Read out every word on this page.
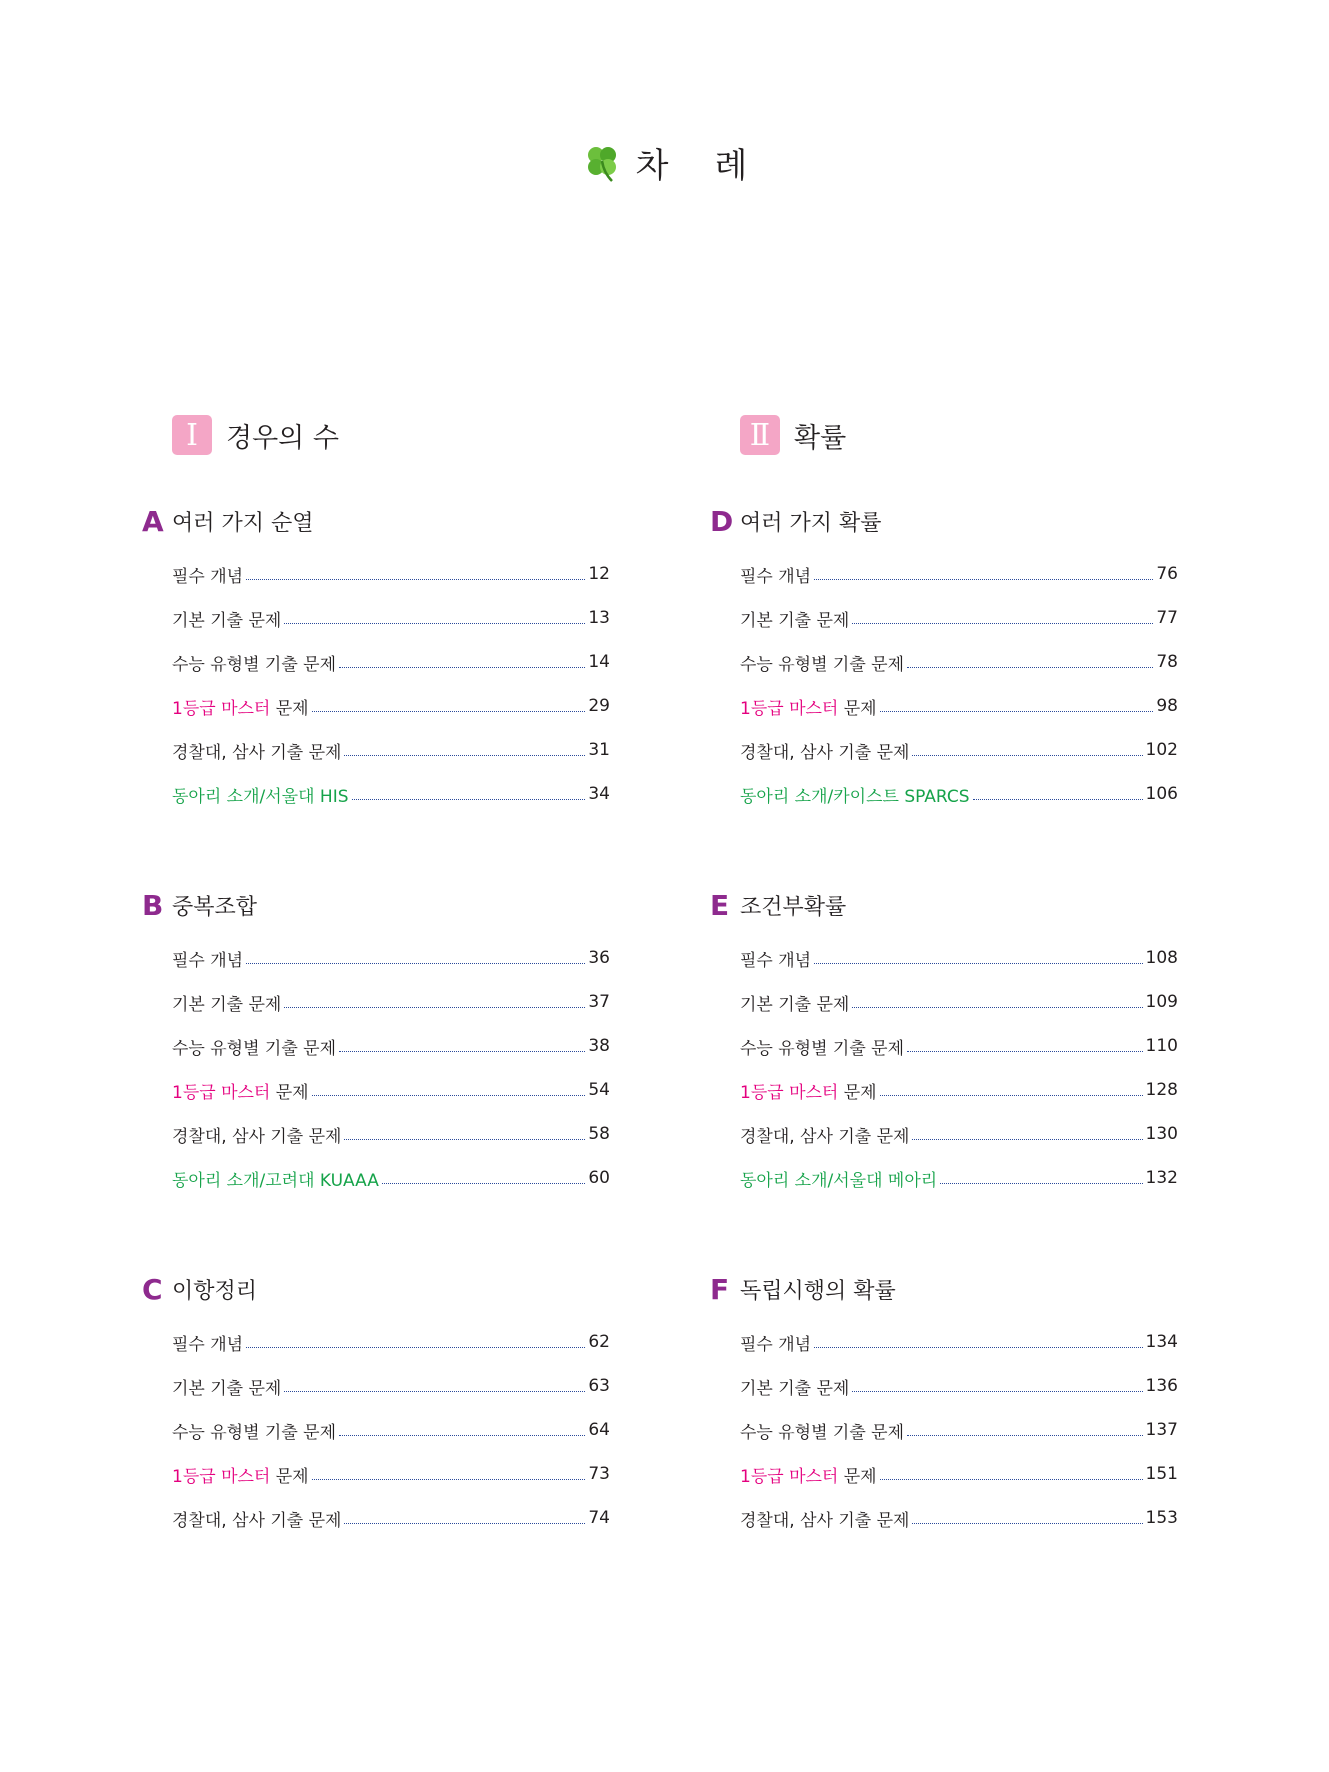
차 례
Ⅰ	경우의 수
A 여러 가지 순열
필수 개념	12
기본 기출 문제	13
수능 유형별 기출 문제	14
1등급 마스터 문제	29
경찰대, 삼사 기출 문제	31
동아리 소개/서울대 HIS	34
B 중복조합
필수 개념	36
기본 기출 문제	37
수능 유형별 기출 문제	38
1등급 마스터 문제	54
경찰대, 삼사 기출 문제	58
동아리 소개/고려대 KUAAA	60
C 이항정리
필수 개념	62
기본 기출 문제	63
수능 유형별 기출 문제	64
1등급 마스터 문제	73
경찰대, 삼사 기출 문제	74
Ⅱ 확률
D 여러 가지 확률
필수 개념	76
기본 기출 문제	77
수능 유형별 기출 문제	78
1등급 마스터 문제	98
경찰대, 삼사 기출 문제	102
동아리 소개/카이스트 SPARCS	106
E 조건부확률
필수 개념	108
기본 기출 문제	109
수능 유형별 기출 문제	110
1등급 마스터 문제	128
경찰대, 삼사 기출 문제	130
동아리 소개/서울대 메아리	132
F 독립시행의 확률
필수 개념	134
기본 기출 문제	136
수능 유형별 기출 문제	137
1등급 마스터 문제	151
경찰대, 삼사 기출 문제	153
